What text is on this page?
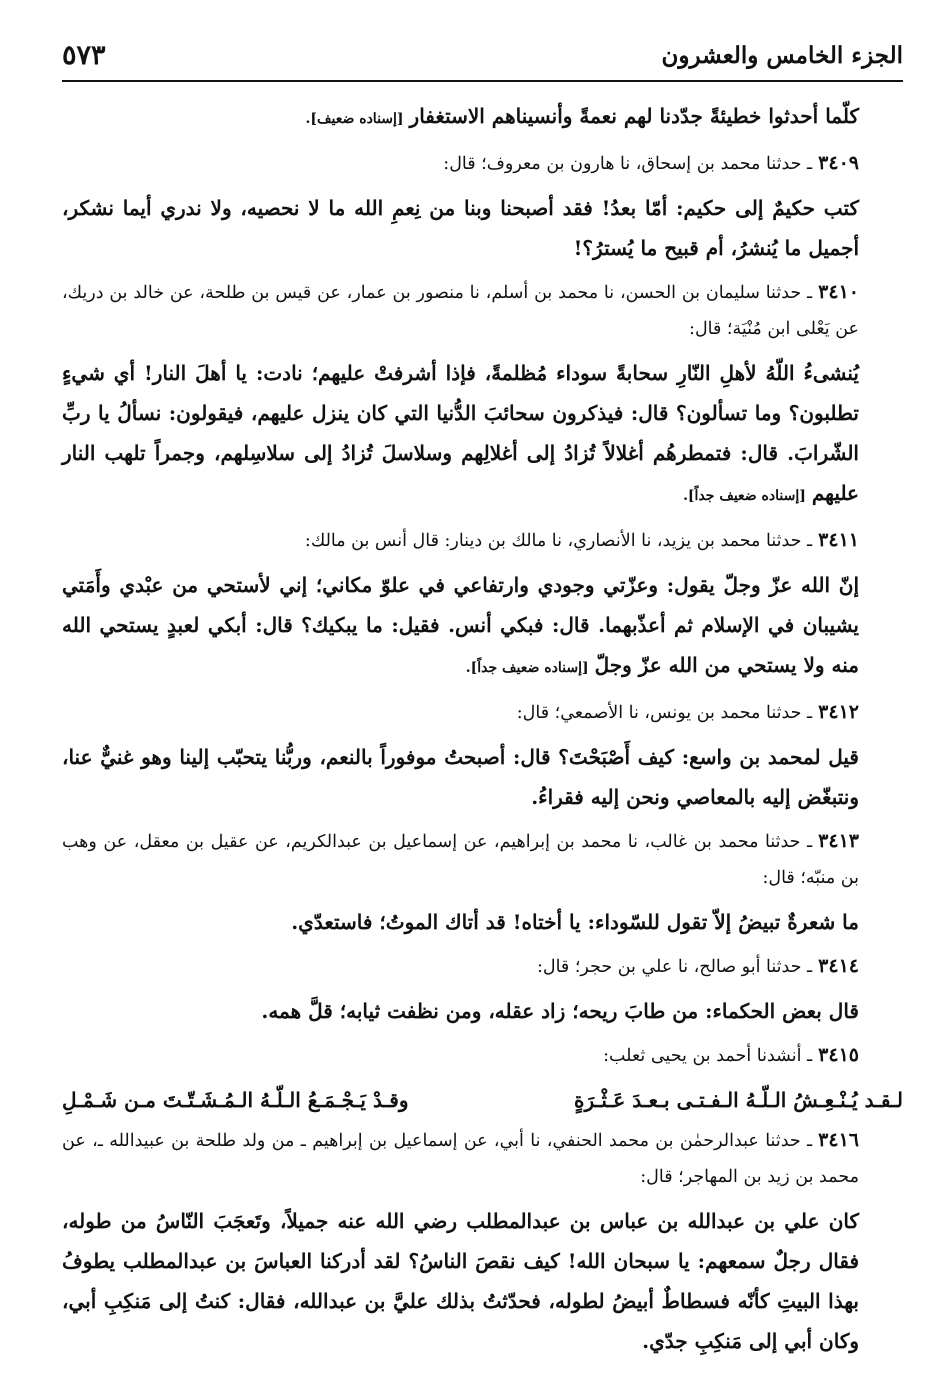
الجزء الخامس والعشرون
٥٧٣
كلّما أحدثوا خطيئةً جدّدنا لهم نعمةً وأنسيناهم الاستغفار[إسناده ضعيف].
٣٤٠٩ـ حدثنا محمد بن إسحاق، نا هارون بن معروف؛ قال:
كتب حكيمٌ إلى حكيم: أمّا بعدُ! فقد أصبحنا وبنا من نِعمِ الله ما لا نحصيه، ولا ندري أيما نشكر، أجميل ما يُنشرُ، أم قبيح ما يُسترُ؟!
٣٤١٠ـ حدثنا سليمان بن الحسن، نا محمد بن أسلم، نا منصور بن عمار، عن قيس بن طلحة، عن خالد بن دريك، عن يَعْلى ابن مُنْيَة؛ قال:
يُنشىءُ اللّهُ لأهلِ النّارِ سحابةً سوداء مُظلمةً، فإذا أشرفتْ عليهم؛ نادت: يا أهلَ النار! أي شيءٍ تطلبون؟ وما تسألون؟ قال: فيذكرون سحائبَ الدُّنيا التي كان ينزل عليهم، فيقولون: نسألُ يا ربِّ الشّرابَ. قال: فتمطرهُم أغلالاً تُزادُ إلى أغلالِهم وسلاسلَ تُزادُ إلى سلاسِلهم، وجمراً تلهب النار عليهم[إسناده ضعيف جداً].
٣٤١١ـ حدثنا محمد بن يزيد، نا الأنصاري، نا مالك بن دينار: قال أنس بن مالك:
إنّ الله عزّ وجلّ يقول: وعزّتي وجودي وارتفاعي في علوّ مكاني؛ إني لأستحي من عبْدي وأَمَتي يشيبان في الإسلام ثم أعذّبهما. قال: فبكي أنس. فقيل: ما يبكيك؟ قال: أبكي لعبدٍ يستحي الله منه ولا يستحي من الله عزّ وجلّ[إسناده ضعيف جداً].
٣٤١٢ـ حدثنا محمد بن يونس، نا الأصمعي؛ قال:
قيل لمحمد بن واسع: كيف أَصْبَحْتَ؟ قال: أصبحتُ موفوراً بالنعم، وربُّنا يتحبّب إلينا وهو غنيٌّ عنا، ونتبغّض إليه بالمعاصي ونحن إليه فقراءُ.
٣٤١٣ـ حدثنا محمد بن غالب، نا محمد بن إبراهيم، عن إسماعيل بن عبدالكريم، عن عقيل بن معقل، عن وهب بن منبّه؛ قال:
ما شعرةٌ تبيضُ إلاّ تقول للسّوداء: يا أختاه! قد أتاك الموتُ؛ فاستعدّي.
٣٤١٤ـ حدثنا أبو صالح، نا علي بن حجر؛ قال:
قال بعض الحكماء: من طابَ ريحه؛ زاد عقله، ومن نظفت ثيابه؛ قلَّ همه.
٣٤١٥ـ أنشدنا أحمد بن يحيى ثعلب:
لـقـد يُـنْـعِـشُ الـلّـهُ الـفـتـى بـعـدَ عَـثْـرَةٍ
وقـدْ يَـجْـمَـعُ الـلّـهُ الـمُـشَـتّـتَ مـن شَـمْـلِ
٣٤١٦ـ حدثنا عبدالرحمٰن بن محمد الحنفي، نا أبي، عن إسماعيل بن إبراهيم ـ من ولد طلحة بن عبيدالله ـ، عن محمد بن زيد بن المهاجر؛ قال:
كان علي بن عبدالله بن عباس بن عبدالمطلب رضي الله عنه جميلاً، وتَعجَبَ النّاسُ من طوله، فقال رجلٌ سمعهم: يا سبحان الله! كيف نقصَ الناسُ؟ لقد أدركنا العباسَ بن عبدالمطلب يطوفُ بهذا البيتِ كأنّه فسطاطٌ أبيضُ لطوله، فحدّثتُ بذلك عليَّ بن عبدالله، فقال: كنتُ إلى مَنكِبِ أبي، وكان أبي إلى مَنكِبِ جدّي.
